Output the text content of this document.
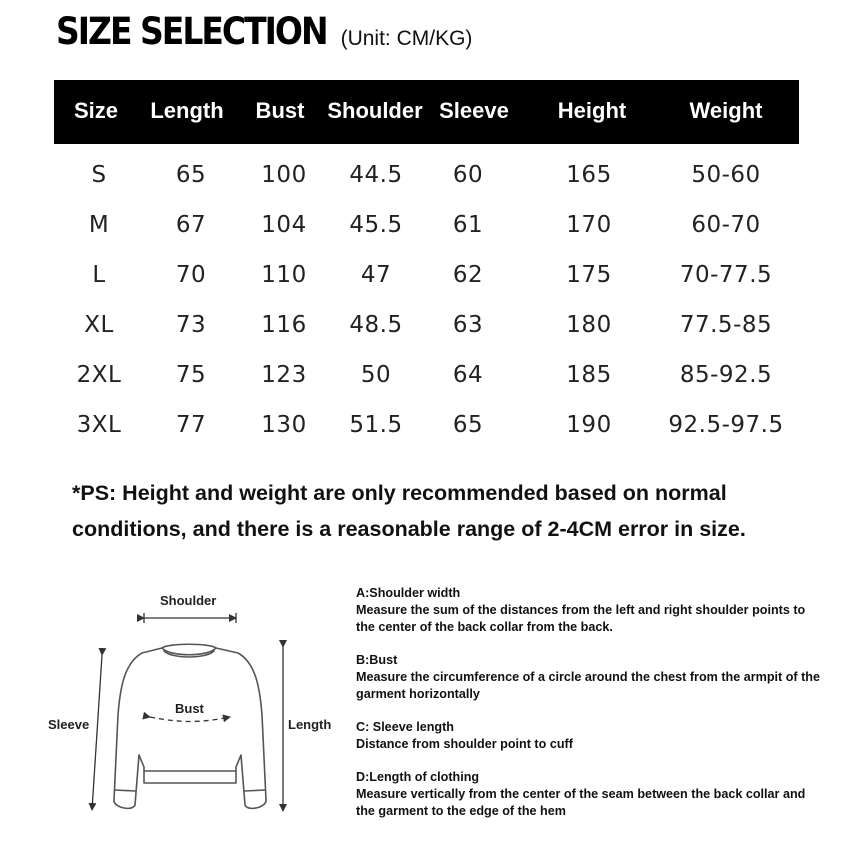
SIZE SELECTION (Unit: CM/KG)
Size Length Bust Shoulder Sleeve Height	Weight
S	65 100 44.5 60	165	50-60
M	67 104 45.5 61	170	60-70
L	70 110 47	62	175	70-77.5
XL	73 116 48.5 63	180	77.5-85
2XL 75 123 50	64	185	85-92.5
3XL 77 130 51.5 65	190 92.5-97.5
*PS: Height and weight are only recommended based on normal
conditions, and there is a reasonable range of 2-4CM error in size.
Shoulder
Bust
Sleeve	Length
A:Shoulder width
Measure the sum of the distances from the left and right shoulder points to the center of the back collar from the back.
B:Bust
Measure the circumference of a circle around the chest from the armpit of the garment horizontally
C: Sleeve length
Distance from shoulder point to cuff
D:Length of clothing
Measure vertically from the center of the seam between the back collar and the garment to the edge of the hem
